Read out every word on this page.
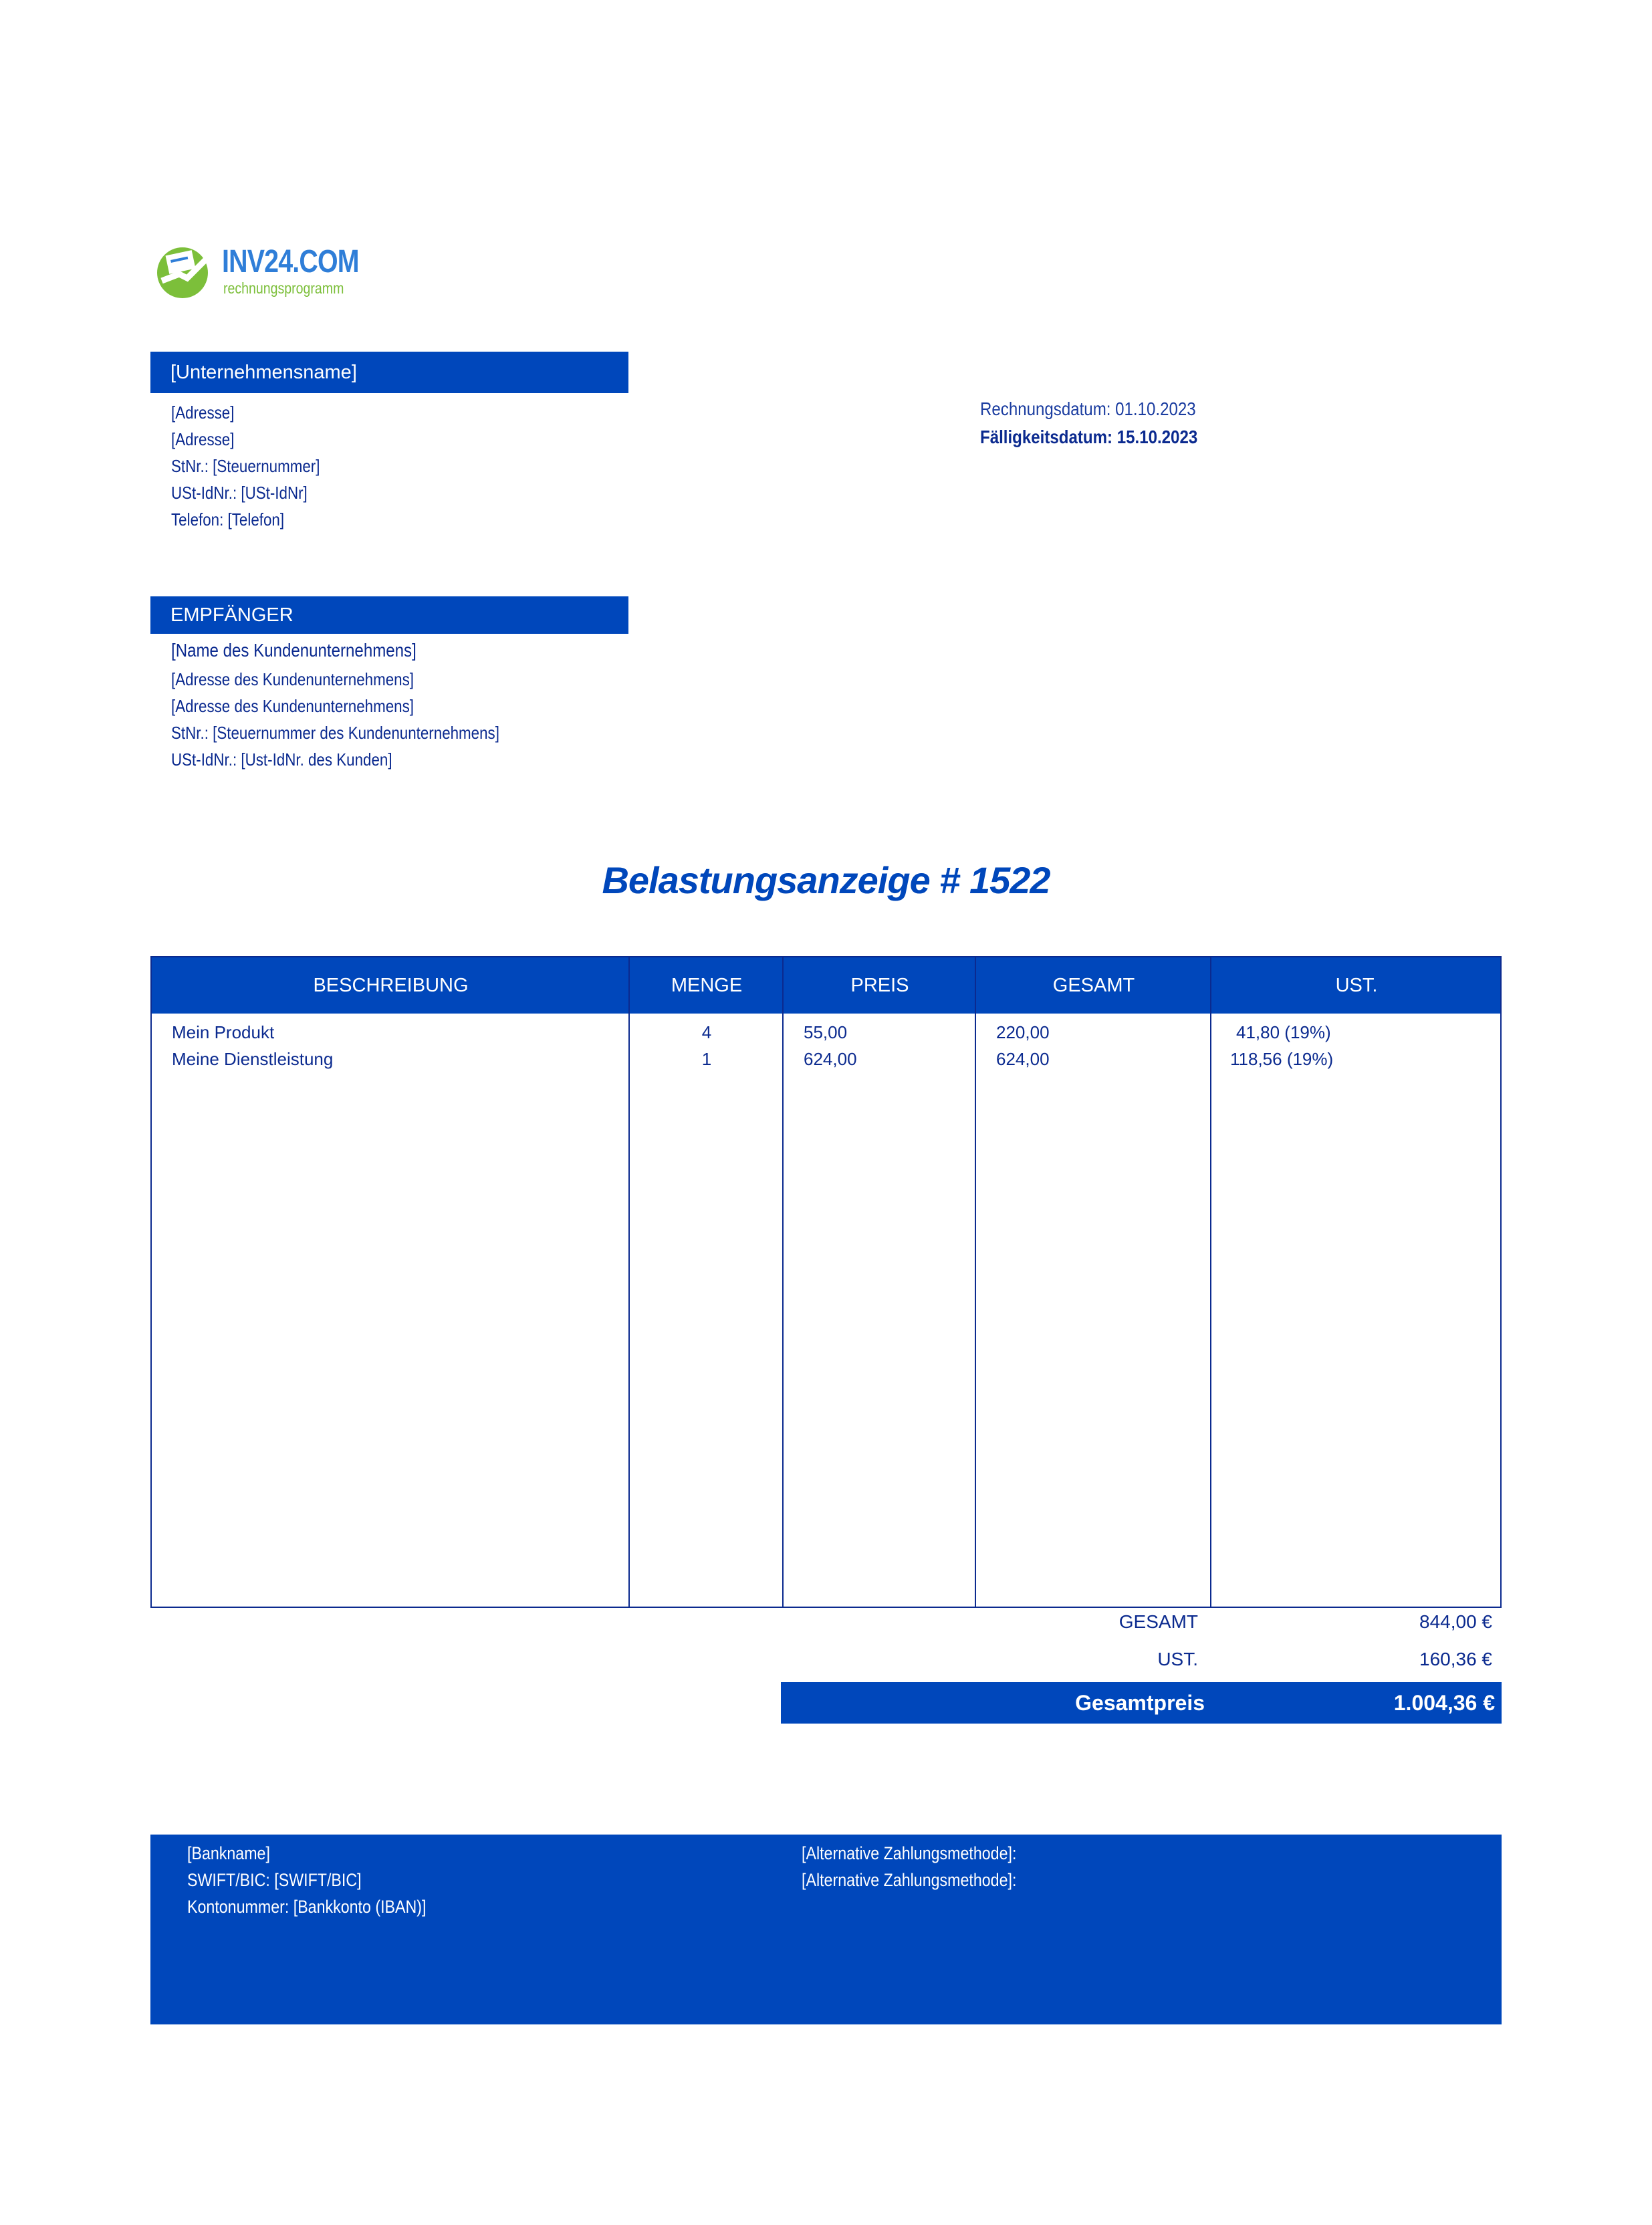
INV24.COM
rechnungsprogramm
[Unternehmensname]
[Adresse]
[Adresse]
StNr.: [Steuernummer]
USt-IdNr.: [USt-IdNr]
Telefon: [Telefon]
Rechnungsdatum: 01.10.2023
Fälligkeitsdatum: 15.10.2023
EMPFÄNGER
[Name des Kundenunternehmens]
[Adresse des Kundenunternehmens]
[Adresse des Kundenunternehmens]
StNr.: [Steuernummer des Kundenunternehmens]
USt-IdNr.: [Ust-IdNr. des Kunden]
Belastungsanzeige # 1522
BESCHREIBUNG	MENGE	PREIS	GESAMT	UST.
Mein Produkt	4	55,00	220,00	41,80 (19%)
Meine Dienstleistung	1	624,00	624,00	118,56 (19%)
GESAMT	844,00 €
UST.	160,36 €
Gesamtpreis	1.004,36 €
[Bankname]
SWIFT/BIC: [SWIFT/BIC]
Kontonummer: [Bankkonto (IBAN)]
[Alternative Zahlungsmethode]:
[Alternative Zahlungsmethode]:
